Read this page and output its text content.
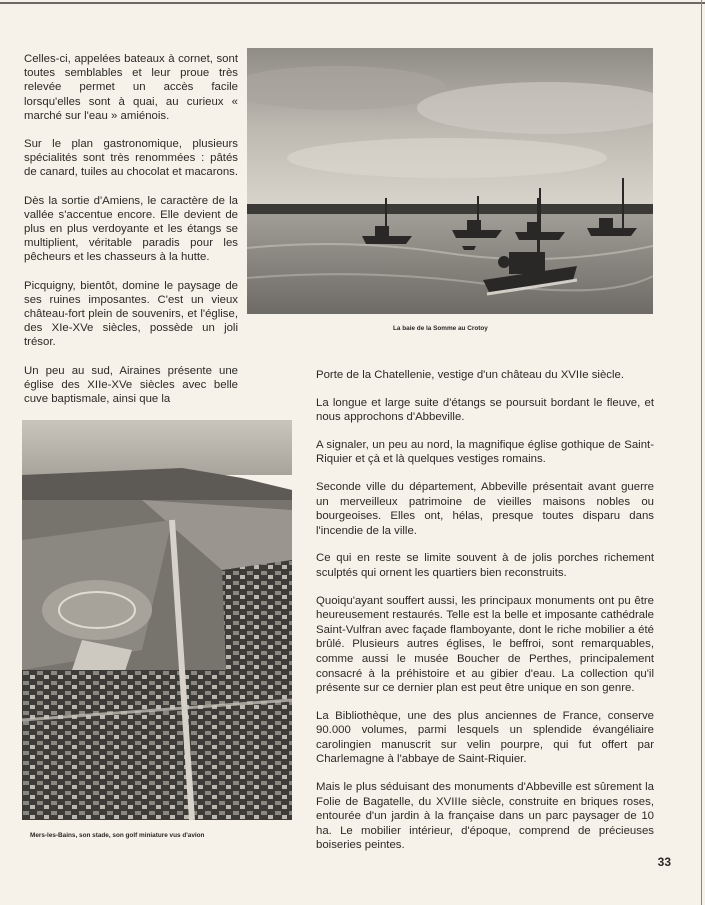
Celles-ci, appelées bateaux à cornet, sont toutes semblables et leur proue très relevée permet un accès facile lorsqu'elles sont à quai, au curieux « marché sur l'eau » amiénois.

Sur le plan gastronomique, plusieurs spécialités sont très renommées : pâtés de canard, tuiles au chocolat et macarons.

Dès la sortie d'Amiens, le caractère de la vallée s'accentue encore. Elle devient de plus en plus verdoyante et les étangs se multiplient, véritable paradis pour les pêcheurs et les chasseurs à la hutte.

Picquigny, bientôt, domine le paysage de ses ruines imposantes. C'est un vieux château-fort plein de souvenirs, et l'église, des XIe-XVe siècles, possède un joli trésor.

Un peu au sud, Airaines présente une église des XIIe-XVe siècles avec belle cuve baptismale, ainsi que la

La baie de la Somme au Crotoy

Porte de la Chatellenie, vestige d'un château du XVIIe siècle.

La longue et large suite d'étangs se poursuit bordant le fleuve, et nous approchons d'Abbeville.

A signaler, un peu au nord, la magnifique église gothique de Saint-Riquier et çà et là quelques vestiges romains.

Seconde ville du département, Abbeville présentait avant guerre un merveilleux patrimoine de vieilles maisons nobles ou bourgeoises. Elles ont, hélas, presque toutes disparu dans l'incendie de la ville.

Ce qui en reste se limite souvent à de jolis porches richement sculptés qui ornent les quartiers bien reconstruits.

Quoiqu'ayant souffert aussi, les principaux monuments ont pu être heureusement restaurés. Telle est la belle et imposante cathédrale Saint-Vulfran avec façade flamboyante, dont le riche mobilier a été brûlé. Plusieurs autres églises, le beffroi, sont remarquables, comme aussi le musée Boucher de Perthes, principalement consacré à la préhistoire et au gibier d'eau. La collection qu'il présente sur ce dernier plan est peut être unique en son genre.

La Bibliothèque, une des plus anciennes de France, conserve 90.000 volumes, parmi lesquels un splendide évangéliaire carolingien manuscrit sur velin pourpre, qui fut offert par Charlemagne à l'abbaye de Saint-Riquier.

Mais le plus séduisant des monuments d'Abbeville est sûrement la Folie de Bagatelle, du XVIIIe siècle, construite en briques roses, entourée d'un jardin à la française dans un parc paysager de 10 ha. Le mobilier intérieur, d'époque, comprend de précieuses boiseries peintes.

Mers-les-Bains, son stade, son golf miniature vus d'avion
33
